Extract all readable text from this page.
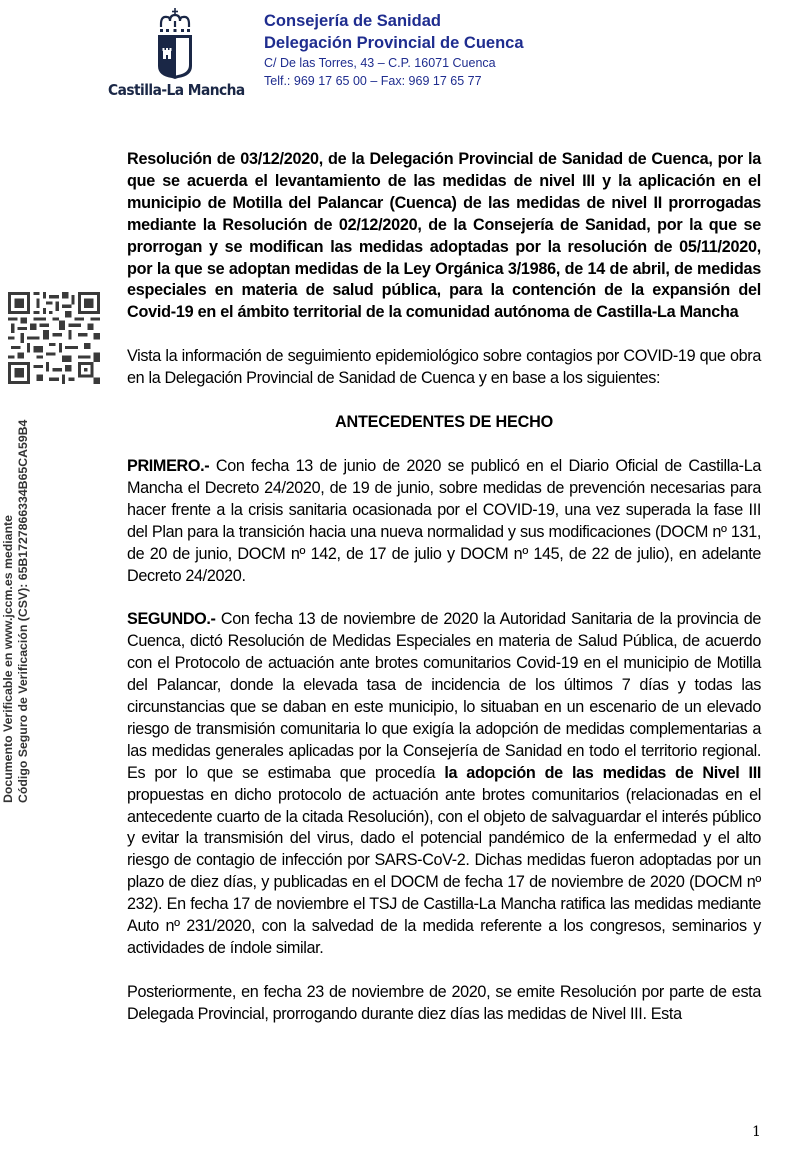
Castilla-La Mancha
Consejería de Sanidad
Delegación Provincial de Cuenca
C/ De las Torres, 43 – C.P. 16071 Cuenca
Telf.: 969 17 65 00 – Fax: 969 17 65 77
Documento Verificable en www.jccm.es mediante Código Seguro de Verificación (CSV): 65B1727866334B65CA59B4

Resolución de 03/12/2020, de la Delegación Provincial de Sanidad de Cuenca, por la que se acuerda el levantamiento de las medidas de nivel III y la aplicación en el municipio de Motilla del Palancar (Cuenca) de las medidas de nivel II prorrogadas mediante la Resolución de 02/12/2020, de la Consejería de Sanidad, por la que se prorrogan y se modifican las medidas adoptadas por la resolución de 05/11/2020, por la que se adoptan medidas de la Ley Orgánica 3/1986, de 14 de abril, de medidas especiales en materia de salud pública, para la contención de la expansión del Covid-19 en el ámbito territorial de la comunidad autónoma de Castilla-La Mancha

Vista la información de seguimiento epidemiológico sobre contagios por COVID-19 que obra en la Delegación Provincial de Sanidad de Cuenca y en base a los siguientes:

ANTECEDENTES DE HECHO

PRIMERO.- Con fecha 13 de junio de 2020 se publicó en el Diario Oficial de Castilla-La Mancha el Decreto 24/2020, de 19 de junio, sobre medidas de prevención necesarias para hacer frente a la crisis sanitaria ocasionada por el COVID-19, una vez superada la fase III del Plan para la transición hacia una nueva normalidad y sus modificaciones (DOCM nº 131, de 20 de junio, DOCM nº 142, de 17 de julio y DOCM nº 145, de 22 de julio), en adelante Decreto 24/2020.

SEGUNDO.- Con fecha 13 de noviembre de 2020 la Autoridad Sanitaria de la provincia de Cuenca, dictó Resolución de Medidas Especiales en materia de Salud Pública, de acuerdo con el Protocolo de actuación ante brotes comunitarios Covid-19 en el municipio de Motilla del Palancar, donde la elevada tasa de incidencia de los últimos 7 días y todas las circunstancias que se daban en este municipio, lo situaban en un escenario de un elevado riesgo de transmisión comunitaria lo que exigía la adopción de medidas complementarias a las medidas generales aplicadas por la Consejería de Sanidad en todo el territorio regional. Es por lo que se estimaba que procedía la adopción de las medidas de Nivel III propuestas en dicho protocolo de actuación ante brotes comunitarios (relacionadas en el antecedente cuarto de la citada Resolución), con el objeto de salvaguardar el interés público y evitar la transmisión del virus, dado el potencial pandémico de la enfermedad y el alto riesgo de contagio de infección por SARS-CoV-2. Dichas medidas fueron adoptadas por un plazo de diez días, y publicadas en el DOCM de fecha 17 de noviembre de 2020 (DOCM nº 232). En fecha 17 de noviembre el TSJ de Castilla-La Mancha ratifica las medidas mediante Auto nº 231/2020, con la salvedad de la medida referente a los congresos, seminarios y actividades de índole similar.

Posteriormente, en fecha 23 de noviembre de 2020, se emite Resolución por parte de esta Delegada Provincial, prorrogando durante diez días las medidas de Nivel III. Esta

1
